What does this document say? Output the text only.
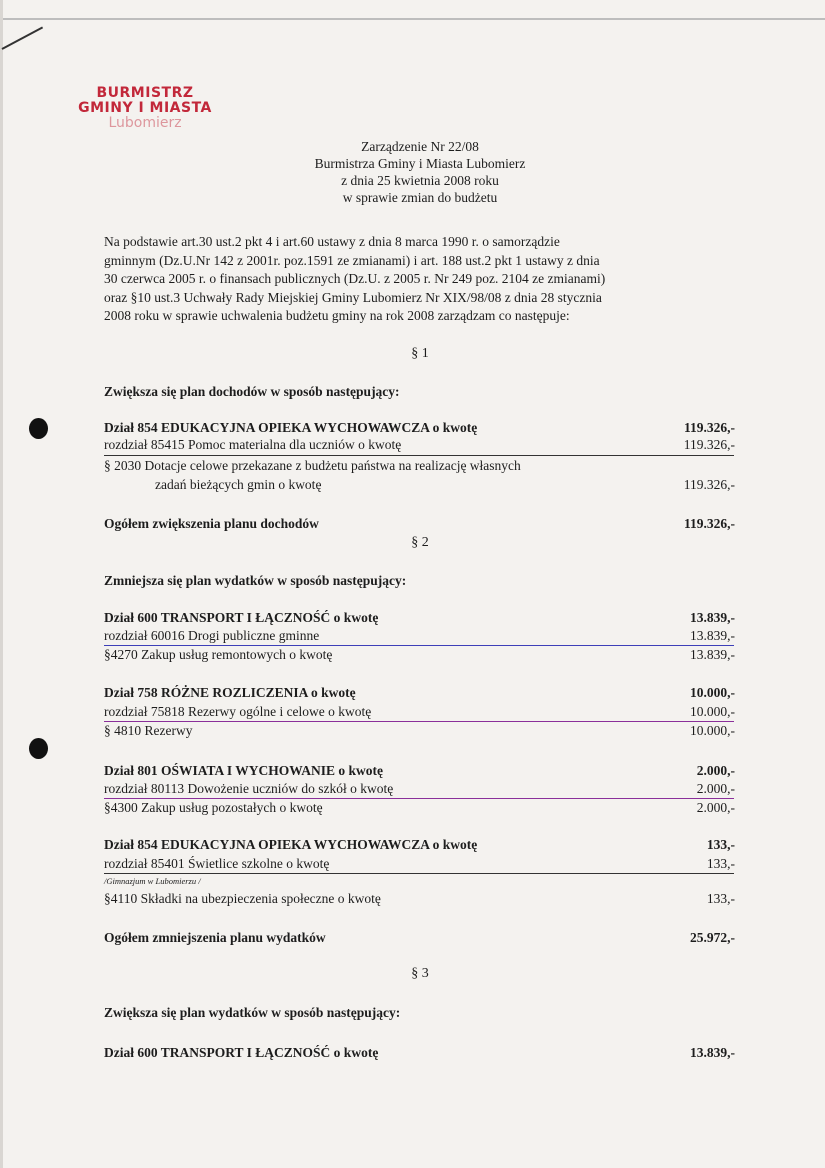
BURMISTRZ
GMINY I MIASTA
Lubomierz
Zarządzenie Nr 22/08
Burmistrza Gminy i Miasta Lubomierz
z dnia 25 kwietnia 2008 roku
w sprawie zmian do budżetu
Na podstawie art.30 ust.2 pkt 4 i art.60 ustawy z dnia 8 marca 1990 r. o samorządzie
gminnym (Dz.U.Nr 142 z 2001r. poz.1591 ze zmianami) i art. 188 ust.2 pkt 1 ustawy z dnia
30 czerwca 2005 r. o finansach publicznych (Dz.U. z 2005 r. Nr 249 poz. 2104 ze zmianami)
oraz §10 ust.3 Uchwały Rady Miejskiej Gminy Lubomierz Nr XIX/98/08 z dnia 28 stycznia
2008 roku w sprawie uchwalenia budżetu gminy na rok 2008 zarządzam co następuje:
§ 1
Zwiększa się plan dochodów w sposób następujący:
Dział 854 EDUKACYJNA OPIEKA WYCHOWAWCZA o kwotę	119.326,-
rozdział 85415 Pomoc materialna dla uczniów o kwotę	119.326,-
§ 2030 Dotacje celowe przekazane z budżetu państwa na realizację własnych
zadań bieżących gmin o kwotę	119.326,-
Ogółem zwiększenia planu dochodów	119.326,-
§ 2
Zmniejsza się plan wydatków w sposób następujący:
Dział 600 TRANSPORT I ŁĄCZNOŚĆ o kwotę	13.839,-
rozdział 60016 Drogi publiczne gminne	13.839,-
§4270 Zakup usług remontowych o kwotę	13.839,-
Dział 758 RÓŻNE ROZLICZENIA o kwotę	10.000,-
rozdział 75818 Rezerwy ogólne i celowe o kwotę	10.000,-
§ 4810 Rezerwy	10.000,-
Dział 801 OŚWIATA I WYCHOWANIE o kwotę	2.000,-
rozdział 80113 Dowożenie uczniów do szkół o kwotę	2.000,-
§4300 Zakup usług pozostałych o kwotę	2.000,-
Dział 854 EDUKACYJNA OPIEKA WYCHOWAWCZA o kwotę	133,-
rozdział 85401 Świetlice szkolne o kwotę	133,-
/Gimnazjum w Lubomierzu /
§4110 Składki na ubezpieczenia społeczne o kwotę	133,-
Ogółem zmniejszenia planu wydatków	25.972,-
§ 3
Zwiększa się plan wydatków w sposób następujący:
Dział 600 TRANSPORT I ŁĄCZNOŚĆ o kwotę	13.839,-
